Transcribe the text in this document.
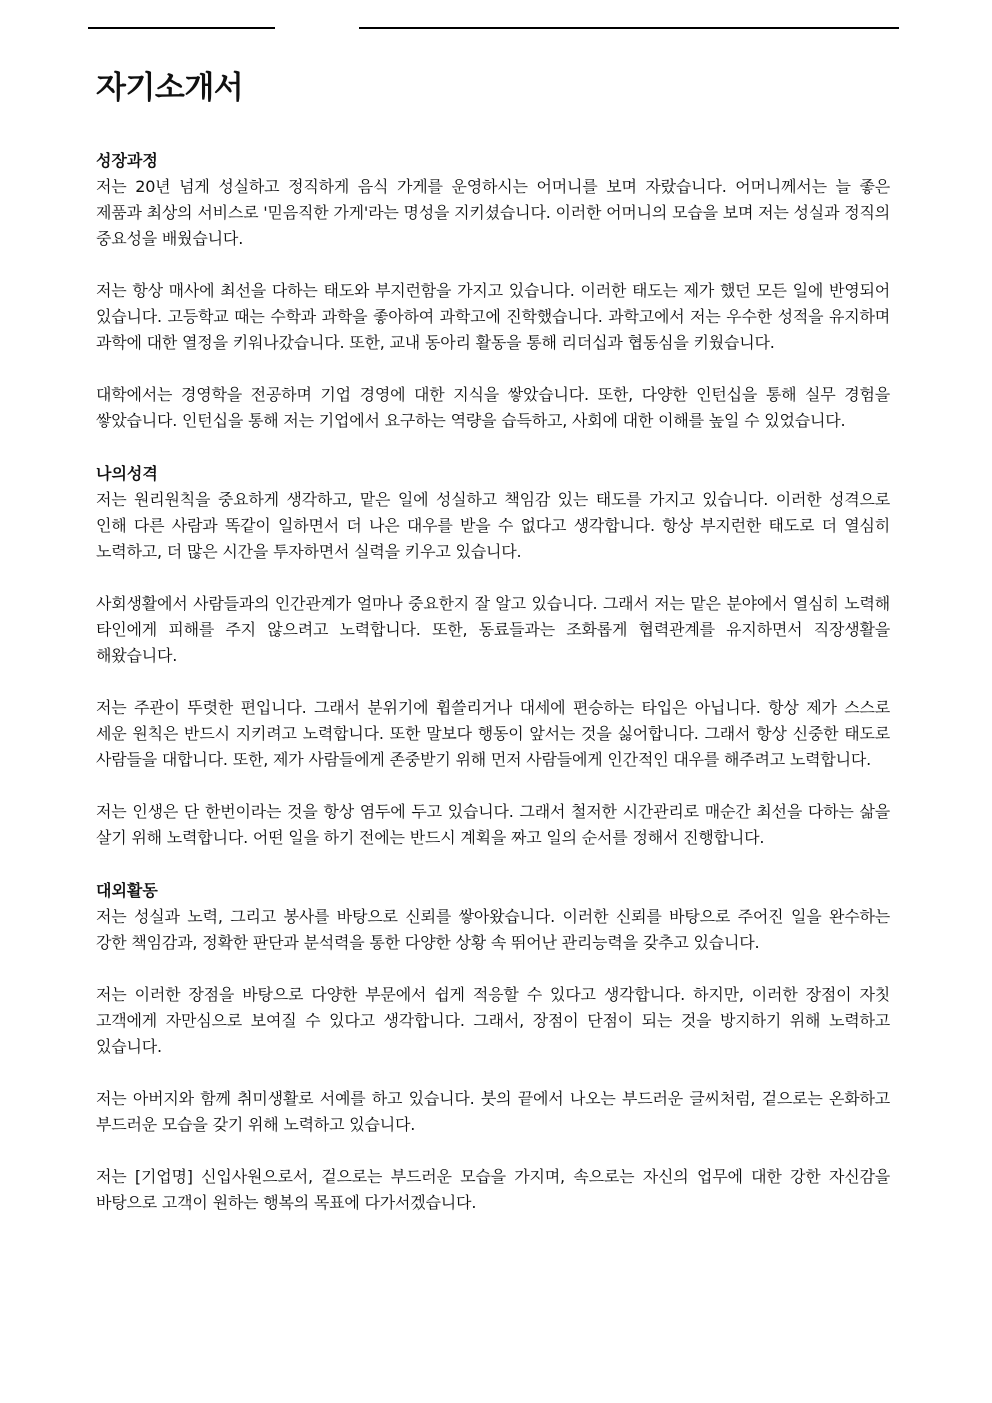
자기소개서
성장과정

저는 20년 넘게 성실하고 정직하게 음식 가게를 운영하시는 어머니를 보며 자랐습니다. 어머니께서는 늘 좋은 제품과 최상의 서비스로 '믿음직한 가게'라는 명성을 지키셨습니다. 이러한 어머니의 모습을 보며 저는 성실과 정직의 중요성을 배웠습니다.

저는 항상 매사에 최선을 다하는 태도와 부지런함을 가지고 있습니다. 이러한 태도는 제가 했던 모든 일에 반영되어 있습니다. 고등학교 때는 수학과 과학을 좋아하여 과학고에 진학했습니다. 과학고에서 저는 우수한 성적을 유지하며 과학에 대한 열정을 키워나갔습니다. 또한, 교내 동아리 활동을 통해 리더십과 협동심을 키웠습니다.

대학에서는 경영학을 전공하며 기업 경영에 대한 지식을 쌓았습니다. 또한, 다양한 인턴십을 통해 실무 경험을 쌓았습니다. 인턴십을 통해 저는 기업에서 요구하는 역량을 습득하고, 사회에 대한 이해를 높일 수 있었습니다.

나의성격

저는 원리원칙을 중요하게 생각하고, 맡은 일에 성실하고 책임감 있는 태도를 가지고 있습니다. 이러한 성격으로 인해 다른 사람과 똑같이 일하면서 더 나은 대우를 받을 수 없다고 생각합니다. 항상 부지런한 태도로 더 열심히 노력하고, 더 많은 시간을 투자하면서 실력을 키우고 있습니다.

사회생활에서 사람들과의 인간관계가 얼마나 중요한지 잘 알고 있습니다. 그래서 저는 맡은 분야에서 열심히 노력해 타인에게 피해를 주지 않으려고 노력합니다. 또한, 동료들과는 조화롭게 협력관계를 유지하면서 직장생활을 해왔습니다.

저는 주관이 뚜렷한 편입니다. 그래서 분위기에 휩쓸리거나 대세에 편승하는 타입은 아닙니다. 항상 제가 스스로 세운 원칙은 반드시 지키려고 노력합니다. 또한 말보다 행동이 앞서는 것을 싫어합니다. 그래서 항상 신중한 태도로 사람들을 대합니다. 또한, 제가 사람들에게 존중받기 위해 먼저 사람들에게 인간적인 대우를 해주려고 노력합니다.

저는 인생은 단 한번이라는 것을 항상 염두에 두고 있습니다. 그래서 철저한 시간관리로 매순간 최선을 다하는 삶을 살기 위해 노력합니다. 어떤 일을 하기 전에는 반드시 계획을 짜고 일의 순서를 정해서 진행합니다.

대외활동

저는 성실과 노력, 그리고 봉사를 바탕으로 신뢰를 쌓아왔습니다. 이러한 신뢰를 바탕으로 주어진 일을 완수하는 강한 책임감과, 정확한 판단과 분석력을 통한 다양한 상황 속 뛰어난 관리능력을 갖추고 있습니다.

저는 이러한 장점을 바탕으로 다양한 부문에서 쉽게 적응할 수 있다고 생각합니다. 하지만, 이러한 장점이 자칫 고객에게 자만심으로 보여질 수 있다고 생각합니다. 그래서, 장점이 단점이 되는 것을 방지하기 위해 노력하고 있습니다.

저는 아버지와 함께 취미생활로 서예를 하고 있습니다. 붓의 끝에서 나오는 부드러운 글씨처럼, 겉으로는 온화하고 부드러운 모습을 갖기 위해 노력하고 있습니다.

저는 [기업명] 신입사원으로서, 겉으로는 부드러운 모습을 가지며, 속으로는 자신의 업무에 대한 강한 자신감을 바탕으로 고객이 원하는 행복의 목표에 다가서겠습니다.
